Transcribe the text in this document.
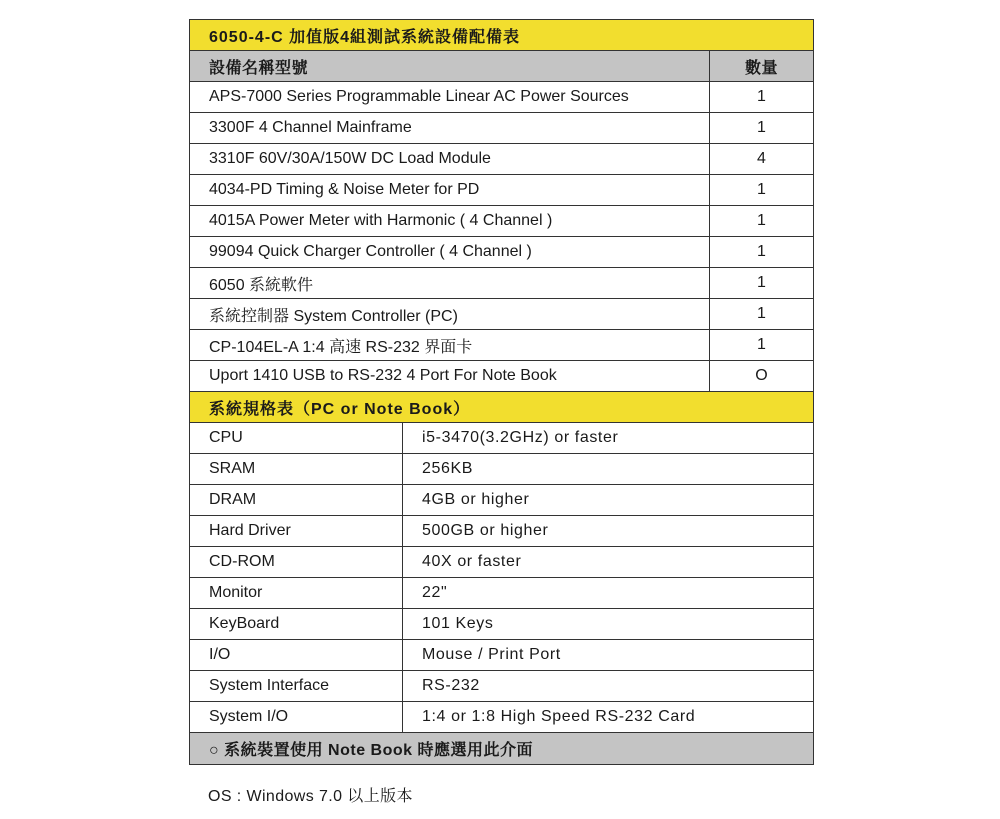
6050-4-C 加值版4組測試系統設備配備表
設備名稱型號	數量
APS-7000 Series Programmable Linear AC Power Sources	1
3300F 4 Channel Mainframe	1
3310F 60V/30A/150W DC Load Module	4
4034-PD Timing & Noise Meter for PD	1
4015A Power Meter with Harmonic ( 4 Channel )	1
99094 Quick Charger Controller ( 4 Channel )	1
6050 系統軟件	1
系統控制器 System Controller (PC)	1
CP-104EL-A 1:4 高速 RS-232 界面卡	1
Uport 1410 USB to RS-232 4 Port For Note Book	O
系統規格表（PC or Note Book）
CPU	i5-3470(3.2GHz) or faster
SRAM	256KB
DRAM	4GB or higher
Hard Driver	500GB or higher
CD-ROM	40X or faster
Monitor	22"
KeyBoard	101 Keys
I/O	Mouse / Print Port
System Interface	RS-232
System I/O	1:4 or 1:8 High Speed RS-232 Card
○ 系統裝置使用 Note Book 時應選用此介面
OS : Windows 7.0 以上版本
